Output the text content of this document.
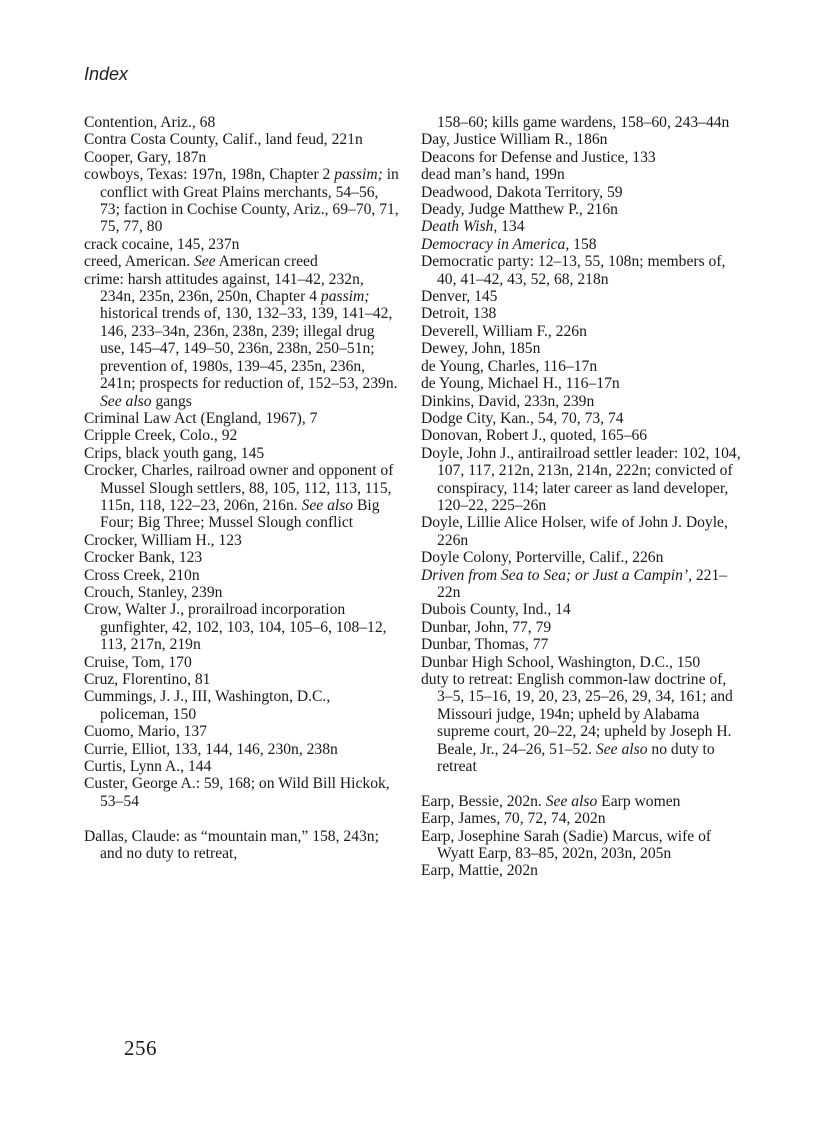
Index
Contention, Ariz., 68
Contra Costa County, Calif., land feud, 221n
Cooper, Gary, 187n
cowboys, Texas: 197n, 198n, Chapter 2 passim; in conflict with Great Plains merchants, 54–56, 73; faction in Cochise County, Ariz., 69–70, 71, 75, 77, 80
crack cocaine, 145, 237n
creed, American. See American creed
crime: harsh attitudes against, 141–42, 232n, 234n, 235n, 236n, 250n, Chapter 4 passim; historical trends of, 130, 132–33, 139, 141–42, 146, 233–34n, 236n, 238n, 239; illegal drug use, 145–47, 149–50, 236n, 238n, 250–51n; prevention of, 1980s, 139–45, 235n, 236n, 241n; prospects for reduction of, 152–53, 239n. See also gangs
Criminal Law Act (England, 1967), 7
Cripple Creek, Colo., 92
Crips, black youth gang, 145
Crocker, Charles, railroad owner and opponent of Mussel Slough settlers, 88, 105, 112, 113, 115, 115n, 118, 122–23, 206n, 216n. See also Big Four; Big Three; Mussel Slough conflict
Crocker, William H., 123
Crocker Bank, 123
Cross Creek, 210n
Crouch, Stanley, 239n
Crow, Walter J., prorailroad incorporation gunfighter, 42, 102, 103, 104, 105–6, 108–12, 113, 217n, 219n
Cruise, Tom, 170
Cruz, Florentino, 81
Cummings, J. J., III, Washington, D.C., policeman, 150
Cuomo, Mario, 137
Currie, Elliot, 133, 144, 146, 230n, 238n
Curtis, Lynn A., 144
Custer, George A.: 59, 168; on Wild Bill Hickok, 53–54
Dallas, Claude: as “mountain man,” 158, 243n; and no duty to retreat,
158–60; kills game wardens, 158–60, 243–44n
Day, Justice William R., 186n
Deacons for Defense and Justice, 133
dead man’s hand, 199n
Deadwood, Dakota Territory, 59
Deady, Judge Matthew P., 216n
Death Wish, 134
Democracy in America, 158
Democratic party: 12–13, 55, 108n; members of, 40, 41–42, 43, 52, 68, 218n
Denver, 145
Detroit, 138
Deverell, William F., 226n
Dewey, John, 185n
de Young, Charles, 116–17n
de Young, Michael H., 116–17n
Dinkins, David, 233n, 239n
Dodge City, Kan., 54, 70, 73, 74
Donovan, Robert J., quoted, 165–66
Doyle, John J., antirailroad settler leader: 102, 104, 107, 117, 212n, 213n, 214n, 222n; convicted of conspiracy, 114; later career as land developer, 120–22, 225–26n
Doyle, Lillie Alice Holser, wife of John J. Doyle, 226n
Doyle Colony, Porterville, Calif., 226n
Driven from Sea to Sea; or Just a Campin’, 221–22n
Dubois County, Ind., 14
Dunbar, John, 77, 79
Dunbar, Thomas, 77
Dunbar High School, Washington, D.C., 150
duty to retreat: English common-law doctrine of, 3–5, 15–16, 19, 20, 23, 25–26, 29, 34, 161; and Missouri judge, 194n; upheld by Alabama supreme court, 20–22, 24; upheld by Joseph H. Beale, Jr., 24–26, 51–52. See also no duty to retreat
Earp, Bessie, 202n. See also Earp women
Earp, James, 70, 72, 74, 202n
Earp, Josephine Sarah (Sadie) Marcus, wife of Wyatt Earp, 83–85, 202n, 203n, 205n
Earp, Mattie, 202n
256
